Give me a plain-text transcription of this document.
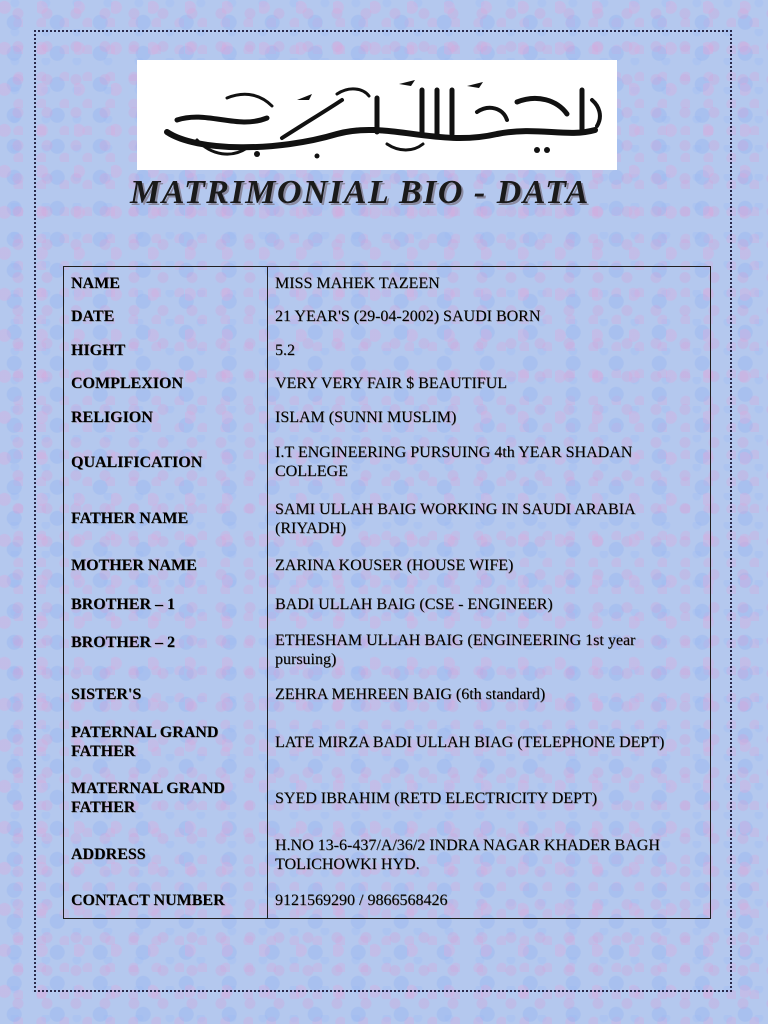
MATRIMONIAL BIO - DATA
NAME	MISS MAHEK TAZEEN
DATE	21 YEAR'S (29-04-2002) SAUDI BORN
HIGHT	5.2
COMPLEXION	VERY VERY FAIR $ BEAUTIFUL
RELIGION	ISLAM (SUNNI MUSLIM)
QUALIFICATION	I.T ENGINEERING PURSUING 4th YEAR SHADAN COLLEGE
FATHER NAME	SAMI ULLAH BAIG WORKING IN SAUDI ARABIA (RIYADH)
MOTHER NAME	ZARINA KOUSER (HOUSE WIFE)
BROTHER – 1	BADI ULLAH BAIG (CSE - ENGINEER)
BROTHER – 2	ETHESHAM ULLAH BAIG (ENGINEERING 1st year pursuing)
SISTER'S	ZEHRA MEHREEN BAIG (6th standard)
PATERNAL GRAND FATHER	LATE MIRZA BADI ULLAH BIAG (TELEPHONE DEPT)
MATERNAL GRAND FATHER	SYED IBRAHIM (RETD ELECTRICITY DEPT)
ADDRESS	H.NO 13-6-437/A/36/2 INDRA NAGAR KHADER BAGH TOLICHOWKI HYD.
CONTACT NUMBER	9121569290 / 9866568426
